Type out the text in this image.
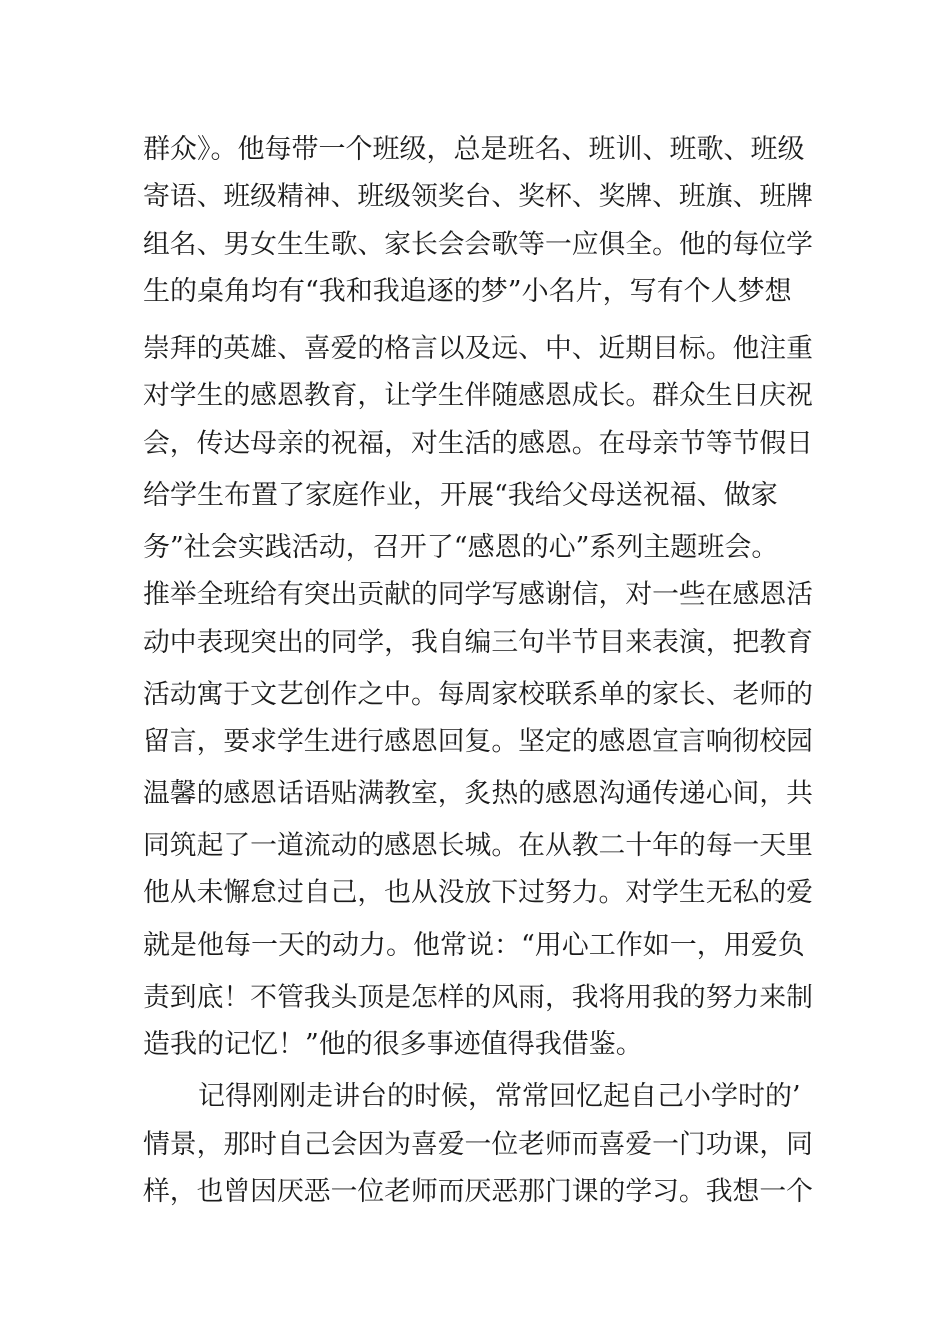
群众》。他每带一个班级，总是班名、班训、班歌、班级
寄语、班级精神、班级领奖台、奖杯、奖牌、班旗、班牌
组名、男女生生歌、家长会会歌等一应俱全。他的每位学
生的桌角均有“我和我追逐的梦”小名片，写有个人梦想
崇拜的英雄、喜爱的格言以及远、中、近期目标。他注重
对学生的感恩教育，让学生伴随感恩成长。群众生日庆祝
会，传达母亲的祝福，对生活的感恩。在母亲节等节假日
给学生布置了家庭作业，开展“我给父母送祝福、做家
务”社会实践活动，召开了“感恩的心”系列主题班会。
推举全班给有突出贡献的同学写感谢信，对一些在感恩活
动中表现突出的同学，我自编三句半节目来表演，把教育
活动寓于文艺创作之中。每周家校联系单的家长、老师的
留言，要求学生进行感恩回复。坚定的感恩宣言响彻校园
温馨的感恩话语贴满教室，炙热的感恩沟通传递心间，共
同筑起了一道流动的感恩长城。在从教二十年的每一天里
他从未懈怠过自己，也从没放下过努力。对学生无私的爱
就是他每一天的动力。他常说：“用心工作如一，用爱负
责到底！不管我头顶是怎样的风雨，我将用我的努力来制
造我的记忆！”他的很多事迹值得我借鉴。
记得刚刚走讲台的时候，常常回忆起自己小学时的’
情景，那时自己会因为喜爱一位老师而喜爱一门功课，同
样，也曾因厌恶一位老师而厌恶那门课的学习。我想一个
